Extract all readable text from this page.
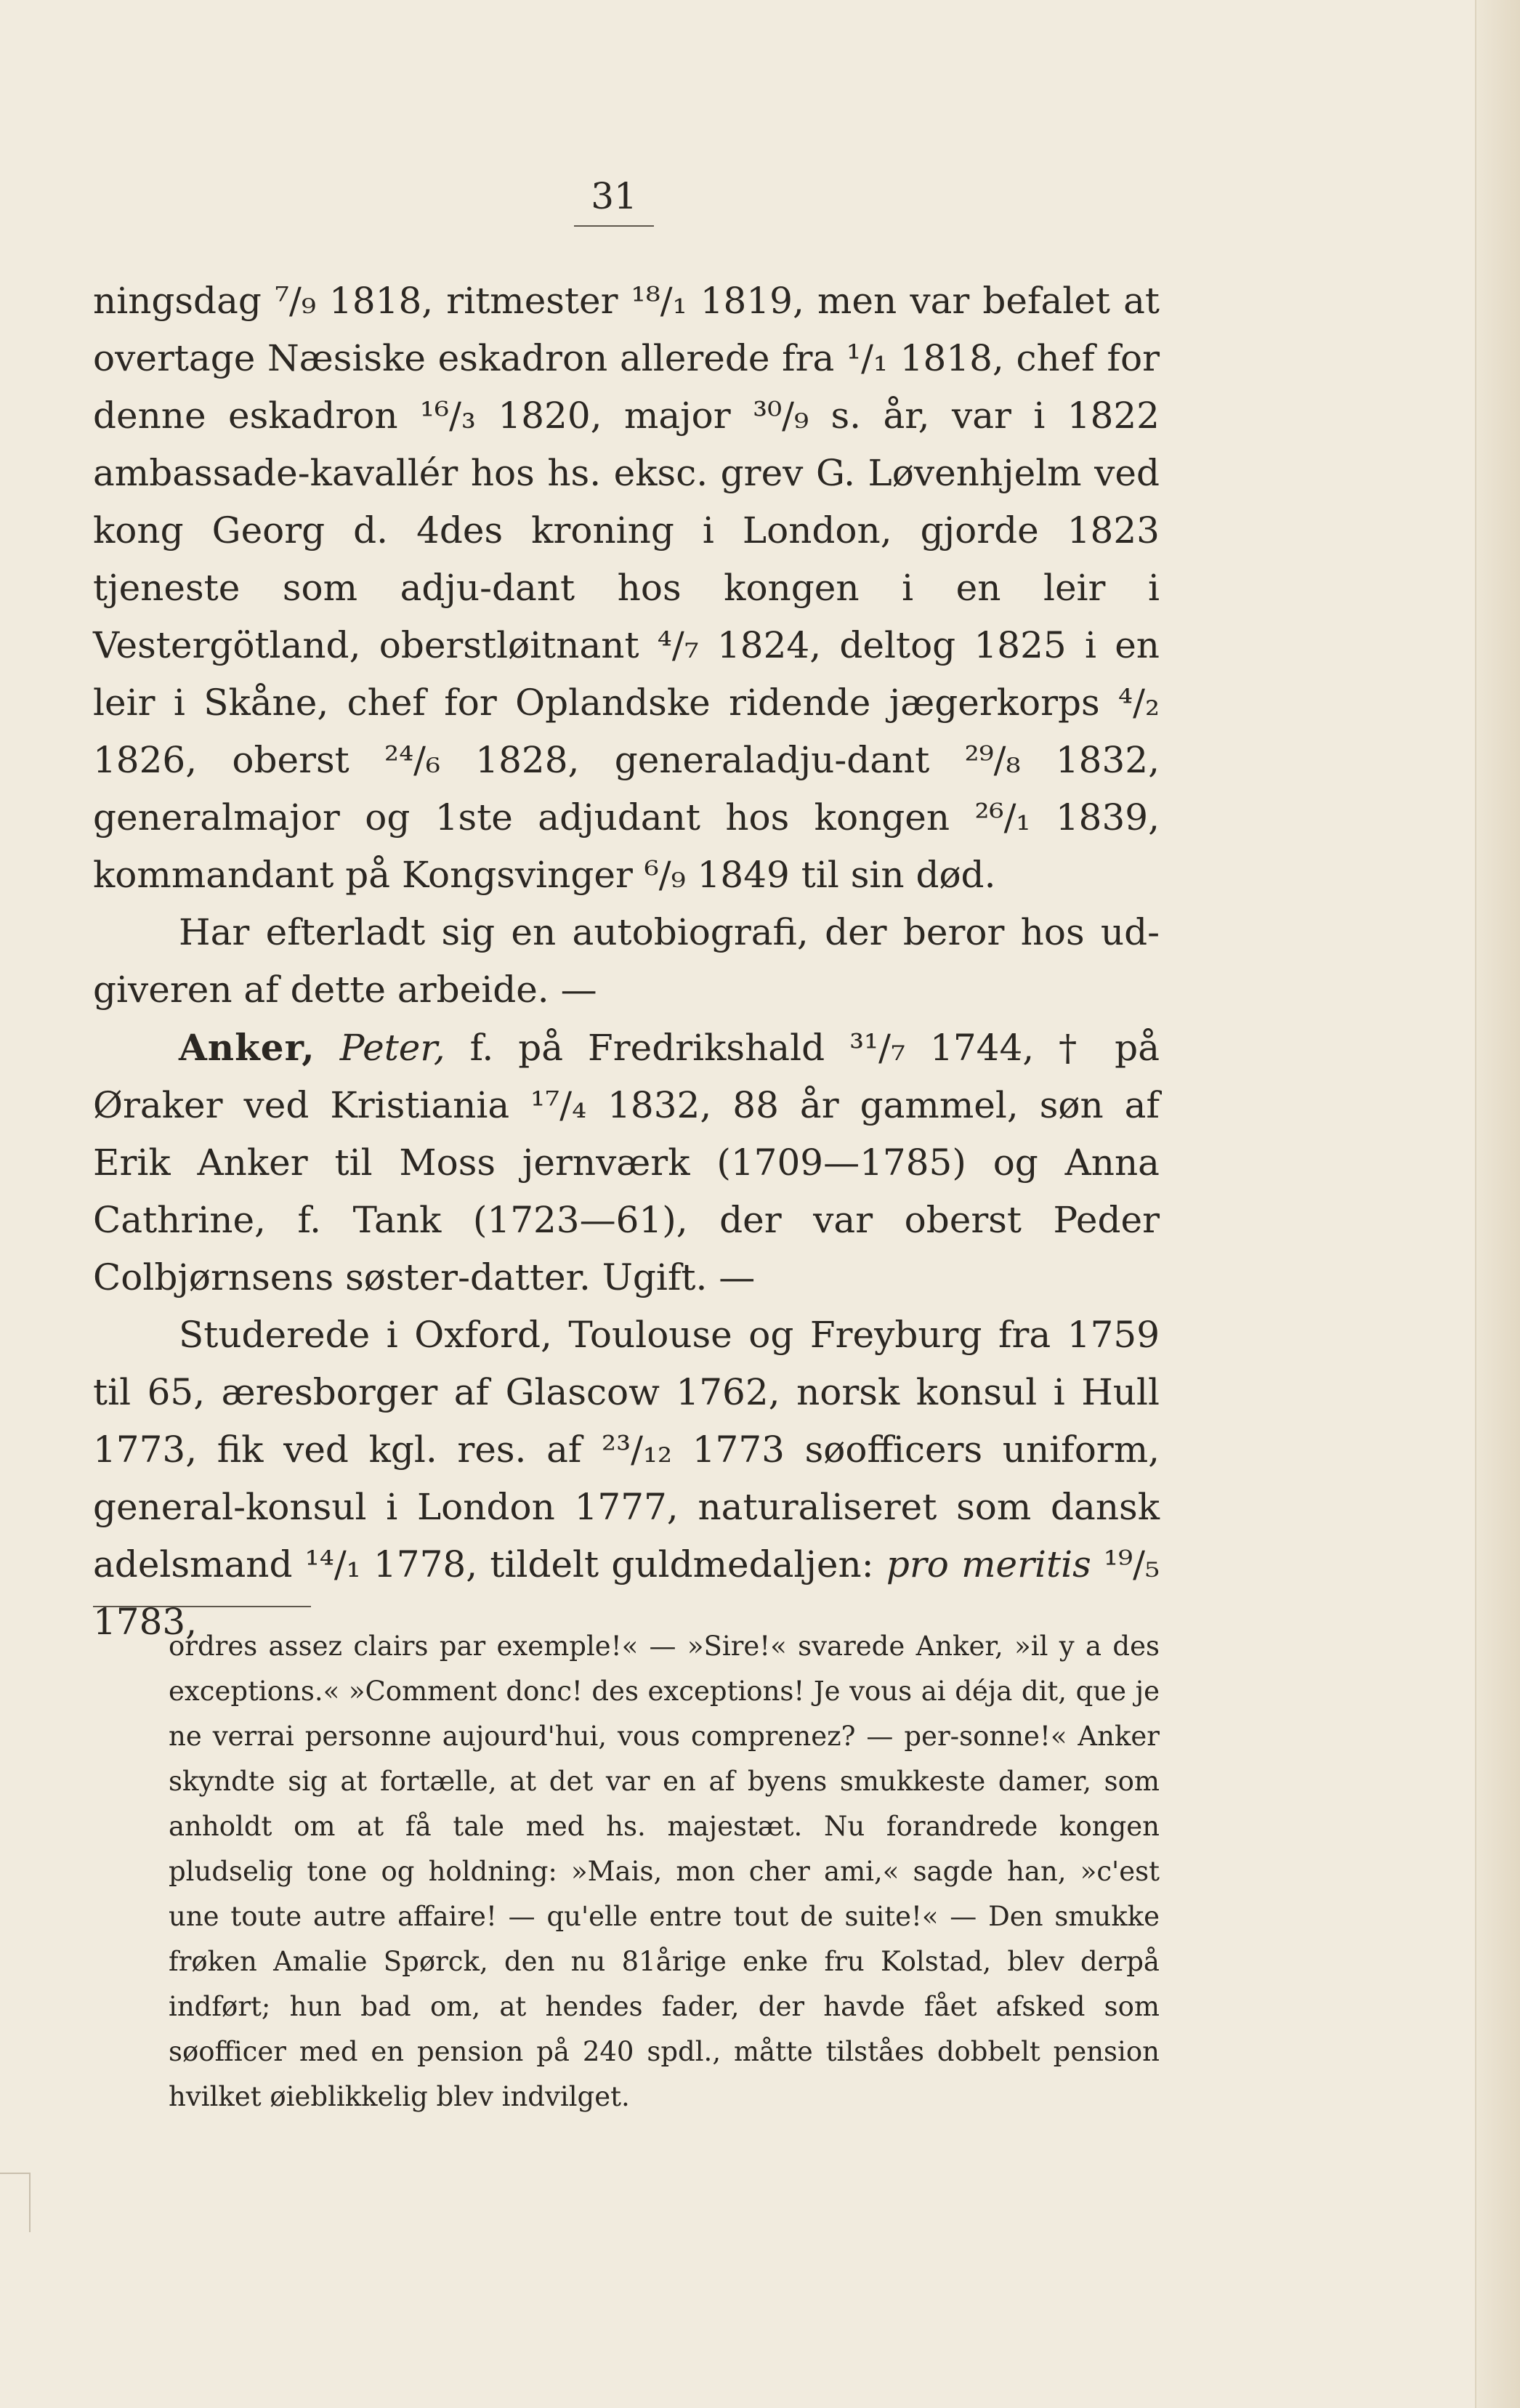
31

ningsdag ⁷/₉ 1818, ritmester ¹⁸/₁ 1819, men var befalet at overtage Næsiske eskadron allerede fra ¹/₁ 1818, chef for denne eskadron ¹⁶/₃ 1820, major ³⁰/₉ s. år, var i 1822 ambassade-kavallér hos hs. eksc. grev G. Løvenhjelm ved kong Georg d. 4des kroning i London, gjorde 1823 tjeneste som adju-dant hos kongen i en leir i Vestergötland, oberstløitnant ⁴/₇ 1824, deltog 1825 i en leir i Skåne, chef for Oplandske ridende jægerkorps ⁴/₂ 1826, oberst ²⁴/₆ 1828, generaladju-dant ²⁹/₈ 1832, generalmajor og 1ste adjudant hos kongen ²⁶/₁ 1839, kommandant på Kongsvinger ⁶/₉ 1849 til sin død.

Har efterladt sig en autobiografi, der beror hos ud-giveren af dette arbeide. —

Anker, Peter, f. på Fredrikshald ³¹/₇ 1744, † på Øraker ved Kristiania ¹⁷/₄ 1832, 88 år gammel, søn af Erik Anker til Moss jernværk (1709—1785) og Anna Cathrine, f. Tank (1723—61), der var oberst Peder Colbjørnsens søster-datter. Ugift. —

Studerede i Oxford, Toulouse og Freyburg fra 1759 til 65, æresborger af Glascow 1762, norsk konsul i Hull 1773, fik ved kgl. res. af ²³/₁₂ 1773 søofficers uniform, general-konsul i London 1777, naturaliseret som dansk adelsmand ¹⁴/₁ 1778, tildelt guldmedaljen: pro meritis ¹⁹/₅ 1783,

ordres assez clairs par exemple!« — »Sire!« svarede Anker, »il y a des exceptions.« »Comment donc! des exceptions! Je vous ai déja dit, que je ne verrai personne aujourd'hui, vous comprenez? — per-sonne!« Anker skyndte sig at fortælle, at det var en af byens smukkeste damer, som anholdt om at få tale med hs. majestæt. Nu forandrede kongen pludselig tone og holdning: »Mais, mon cher ami,« sagde han, »c'est une toute autre affaire! — qu'elle entre tout de suite!« — Den smukke frøken Amalie Spørck, den nu 81årige enke fru Kolstad, blev derpå indført; hun bad om, at hendes fader, der havde fået afsked som søofficer med en pension på 240 spdl., måtte tilståes dobbelt pension hvilket øieblikkelig blev indvilget.
